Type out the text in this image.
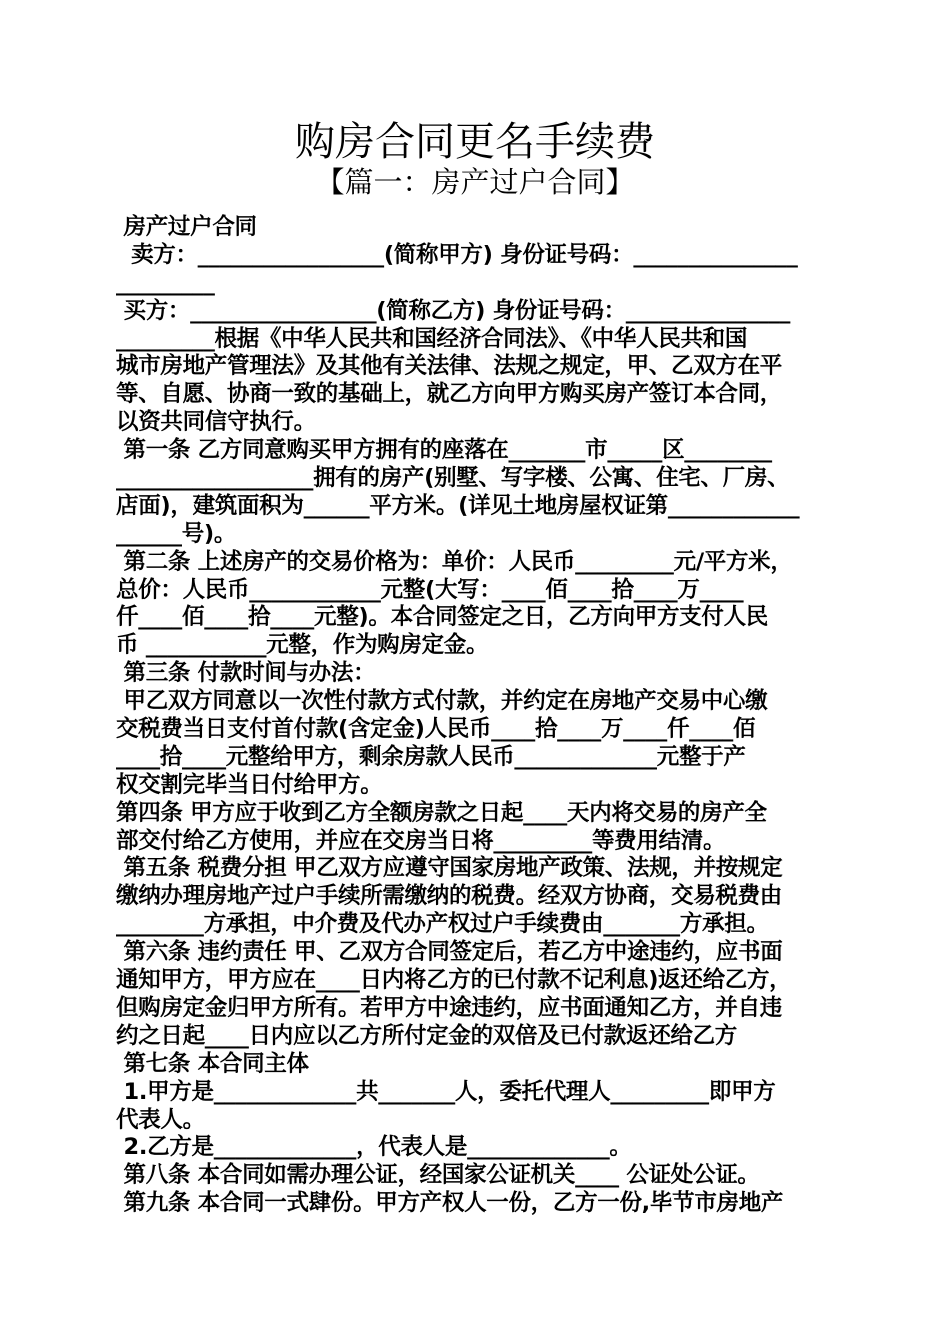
购房合同更名手续费
【篇一：房产过户合同】
房产过户合同
卖方：_________________(简称甲方) 身份证号码：_______________
_________
买方：_________________(简称乙方) 身份证号码：_______________
_________根据《中华人民共和国经济合同法》、《中华人民共和国
城市房地产管理法》及其他有关法律、法规之规定，甲、乙双方在平
等、自愿、协商一致的基础上，就乙方向甲方购买房产签订本合同，
以资共同信守执行。
第一条 乙方同意购买甲方拥有的座落在_______市_____区________
__________________拥有的房产(别墅、写字楼、公寓、住宅、厂房、
店面)，建筑面积为______平方米。(详见土地房屋权证第____________
______号)。
第二条 上述房产的交易价格为：单价：人民币_________元/平方米，
总价：人民币____________元整(大写：____佰____拾____万____
仟____佰____拾____元整)。本合同签定之日，乙方向甲方支付人民
币 ___________元整，作为购房定金。
第三条 付款时间与办法：
甲乙双方同意以一次性付款方式付款，并约定在房地产交易中心缴
交税费当日支付首付款(含定金)人民币____拾____万____仟____佰
____拾____元整给甲方，剩余房款人民币_____________元整于产
权交割完毕当日付给甲方。
第四条 甲方应于收到乙方全额房款之日起____天内将交易的房产全
部交付给乙方使用，并应在交房当日将_________等费用结清。
第五条 税费分担 甲乙双方应遵守国家房地产政策、法规，并按规定
缴纳办理房地产过户手续所需缴纳的税费。经双方协商，交易税费由
________方承担，中介费及代办产权过户手续费由_______方承担。
第六条 违约责任 甲、乙双方合同签定后，若乙方中途违约，应书面
通知甲方，甲方应在____日内将乙方的已付款不记利息)返还给乙方，
但购房定金归甲方所有。若甲方中途违约，应书面通知乙方，并自违
约之日起____日内应以乙方所付定金的双倍及已付款返还给乙方
第七条 本合同主体
1.甲方是_____________共_______人，委托代理人_________即甲方
代表人。
2.乙方是_____________，代表人是_____________。
第八条 本合同如需办理公证，经国家公证机关____ 公证处公证。
第九条 本合同一式肆份。甲方产权人一份，乙方一份,毕节市房地产
